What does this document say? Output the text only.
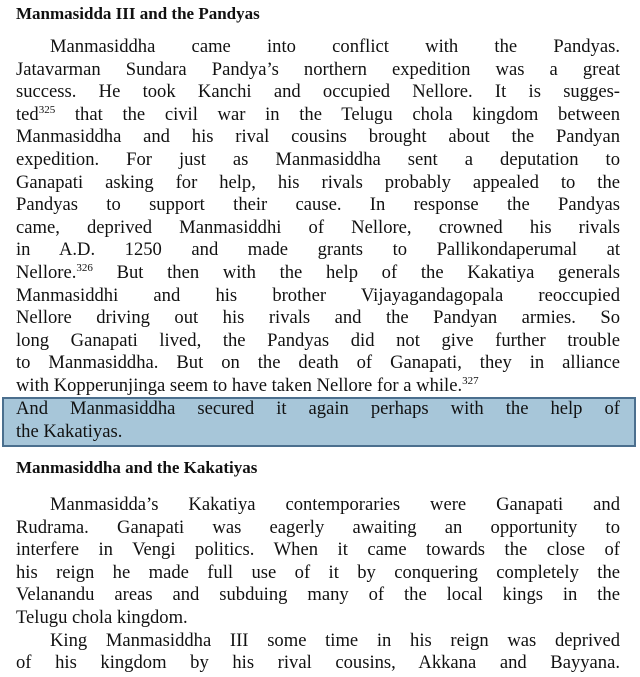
Manmasidda III and the Pandyas
Manmasiddha came into conflict with the Pandyas.
Jatavarman Sundara Pandya’s northern expedition was a great
success. He took Kanchi and occupied Nellore. It is sugges-
ted$^{325}$ that the civil war in the Telugu chola kingdom between
Manmasiddha and his rival cousins brought about the Pandyan
expedition. For just as Manmasiddha sent a deputation to
Ganapati asking for help, his rivals probably appealed to the
Pandyas to support their cause. In response the Pandyas
came, deprived Manmasiddhi of Nellore, crowned his rivals
in A.D. 1250 and made grants to Pallikondaperumal at
Nellore.$^{326}$ But then with the help of the Kakatiya generals
Manmasiddhi and his brother Vijayagandagopala reoccupied
Nellore driving out his rivals and the Pandyan armies. So
long Ganapati lived, the Pandyas did not give further trouble
to Manmasiddha. But on the death of Ganapati, they in alliance
with Kopperunjinga seem to have taken Nellore for a while.$^{327}$
And Manmasiddha secured it again perhaps with the help of
the Kakatiyas.
Manmasiddha and the Kakatiyas
Manmasidda’s Kakatiya contemporaries were Ganapati and
Rudrama. Ganapati was eagerly awaiting an opportunity to
interfere in Vengi politics. When it came towards the close of
his reign he made full use of it by conquering completely the
Velanandu areas and subduing many of the local kings in the
Telugu chola kingdom.
King Manmasiddha III some time in his reign was deprived
of his kingdom by his rival cousins, Akkana and Bayyana.
